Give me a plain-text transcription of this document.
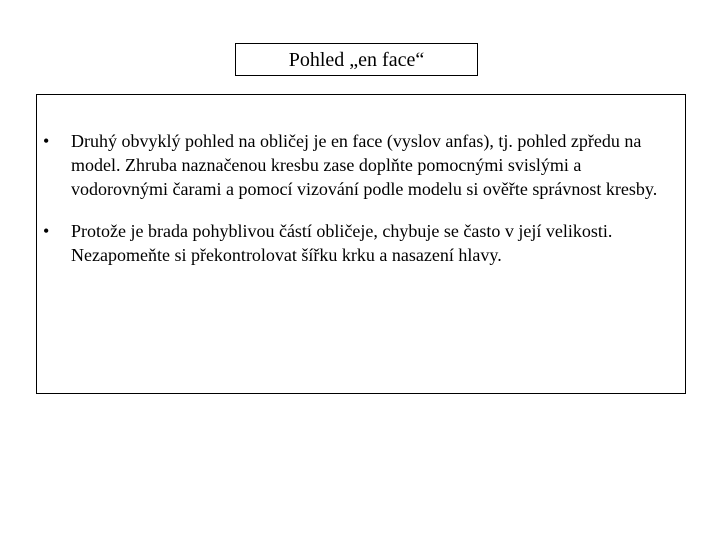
Pohled „en face“
• Druhý obvyklý pohled na obličej je en face (vyslov anfas), tj. pohled zpředu na model. Zhruba naznačenou kresbu zase doplňte pomocnými svislými a vodorovnými čarami a pomocí vizování podle modelu si ověřte správnost kresby.
• Protože je brada pohyblivou částí obličeje, chybuje se často v její velikosti. Nezapomeňte si překontrolovat šířku krku a nasazení hlavy.
